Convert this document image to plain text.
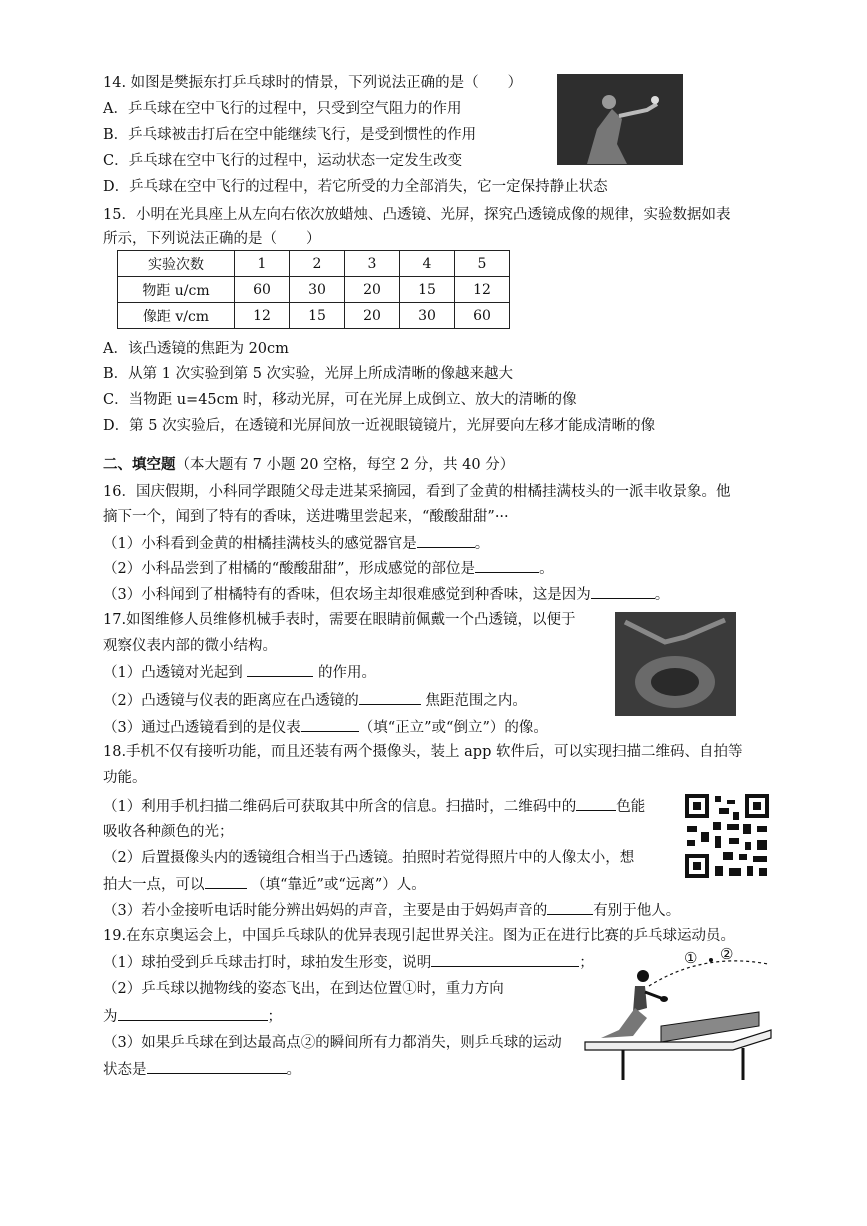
14. 如图是樊振东打乒乓球时的情景，下列说法正确的是（　　）
A．乒乓球在空中飞行的过程中，只受到空气阻力的作用
B．乒乓球被击打后在空中能继续飞行，是受到惯性的作用
C．乒乓球在空中飞行的过程中，运动状态一定发生改变
D．乒乓球在空中飞行的过程中，若它所受的力全部消失，它一定保持静止状态
15．小明在光具座上从左向右依次放蜡烛、凸透镜、光屏，探究凸透镜成像的规律，实验数据如表
所示，下列说法正确的是（　　）
实验次数	1	2	3	4	5
物距 u/cm	60	30	20	15	12
像距 v/cm	12	15	20	30	60
A．该凸透镜的焦距为 20cm
B．从第 1 次实验到第 5 次实验，光屏上所成清晰的像越来越大
C．当物距 u=45cm 时，移动光屏，可在光屏上成倒立、放大的清晰的像
D．第 5 次实验后，在透镜和光屏间放一近视眼镜镜片，光屏要向左移才能成清晰的像
二、填空题（本大题有 7 小题 20 空格，每空 2 分，共 40 分）
16．国庆假期，小科同学跟随父母走进某采摘园，看到了金黄的柑橘挂满枝头的一派丰收景象。他
摘下一个，闻到了特有的香味，送进嘴里尝起来，“酸酸甜甜”···
（1）小科看到金黄的柑橘挂满枝头的感觉器官是	。
（2）小科品尝到了柑橘的“酸酸甜甜”，形成感觉的部位是	。
（3）小科闻到了柑橘特有的香味，但农场主却很难感觉到种香味，这是因为	。
17.如图维修人员维修机械手表时，需要在眼睛前佩戴一个凸透镜，以便于
观察仪表内部的微小结构。
（1）凸透镜对光起到	的作用。
（2）凸透镜与仪表的距离应在凸透镜的	焦距范围之内。
（3）通过凸透镜看到的是仪表	（填“正立”或“倒立”）的像。
18.手机不仅有接听功能，而且还装有两个摄像头，装上 app 软件后，可以实现扫描二维码、自拍等
功能。
（1）利用手机扫描二维码后可获取其中所含的信息。扫描时，二维码中的	色能
吸收各种颜色的光；
（2）后置摄像头内的透镜组合相当于凸透镜。拍照时若觉得照片中的人像太小，想
拍大一点，可以	（填“靠近”或“远离”）人。
（3）若小金接听电话时能分辨出妈妈的声音，主要是由于妈妈声音的	有别于他人。
19.在东京奥运会上，中国乒乓球队的优异表现引起世界关注。图为正在进行比赛的乒乓球运动员。
（1）球拍受到乒乓球击打时，球拍发生形变，说明	；
（2）乒乓球以抛物线的姿态飞出，在到达位置①时，重力方向
为	；
（3）如果乒乓球在到达最高点②的瞬间所有力都消失，则乒乓球的运动
状态是	。
① ②
